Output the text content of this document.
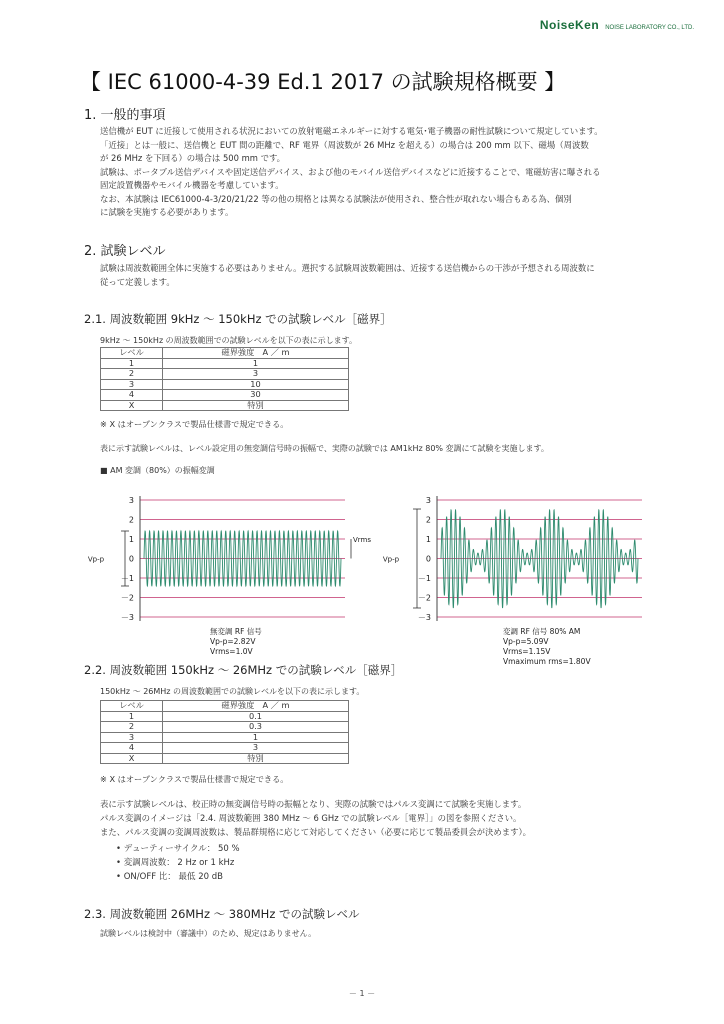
NoiseKen NOISE LABORATORY CO., LTD.
【 IEC 61000-4-39 Ed.1 2017 の試験規格概要 】
1. 一般的事項

送信機が EUT に近接して使用される状況においての放射電磁エネルギーに対する電気･電子機器の耐性試験について規定しています。

「近接」とは一般に、送信機と EUT 間の距離で、RF 電界（周波数が 26 MHz を超える）の場合は 200 mm 以下、磁場（周波数

が 26 MHz を下回る）の場合は 500 mm です。

試験は、ポータブル送信デバイスや固定送信デバイス、および他のモバイル送信デバイスなどに近接することで、電磁妨害に曝される

固定設置機器やモバイル機器を考慮しています。

なお、本試験は IEC61000-4-3/20/21/22 等の他の規格とは異なる試験法が使用され、整合性が取れない場合もある為、個別

に試験を実施する必要があります。

2. 試験レベル

試験は周波数範囲全体に実施する必要はありません。選択する試験周波数範囲は、近接する送信機からの干渉が予想される周波数に

従って定義します。

2.1. 周波数範囲 9kHz ～ 150kHz での試験レベル［磁界］
9kHz ～ 150kHz の周波数範囲での試験レベルを以下の表に示します。
レベル	磁界強度　A ／ m
1	1
2	3
3	10
4	30
X	特別
※ X はオープンクラスで製品仕様書で規定できる。
表に示す試験レベルは、レベル設定用の無変調信号時の振幅で、実際の試験では AM1kHz 80% 変調にて試験を実施します。
■ AM 変調（80%）の振幅変調
3
2
1
0
－1
－2
－3
Vp-p
Vrms
3
2
1
0
－1
－2
－3
Vp-p
無変調 RF 信号
Vp-p=2.82V
Vrms=1.0V
変調 RF 信号 80% AM
Vp-p=5.09V
Vrms=1.15V
Vmaximum rms=1.80V
2.2. 周波数範囲 150kHz ～ 26MHz での試験レベル［磁界］
150kHz ～ 26MHz の周波数範囲での試験レベルを以下の表に示します。
レベル	磁界強度　A ／ m
1	0.1
2	0.3
3	1
4	3
X	特別
※ X はオープンクラスで製品仕様書で規定できる。

表に示す試験レベルは、校正時の無変調信号時の振幅となり、実際の試験ではパルス変調にて試験を実施します。

パルス変調のイメージは「2.4. 周波数範囲 380 MHz ～ 6 GHz での試験レベル［電界］」の図を参照ください。

また、パルス変調の変調周波数は、製品群規格に応じて対応してください（必要に応じて製品委員会が決めます）。

• デューティーサイクル： 50 %
• 変調周波数： 2 Hz or 1 kHz
• ON/OFF 比： 最低 20 dB
2.3. 周波数範囲 26MHz ～ 380MHz での試験レベル
試験レベルは検討中（審議中）のため、規定はありません。
－ 1 －
